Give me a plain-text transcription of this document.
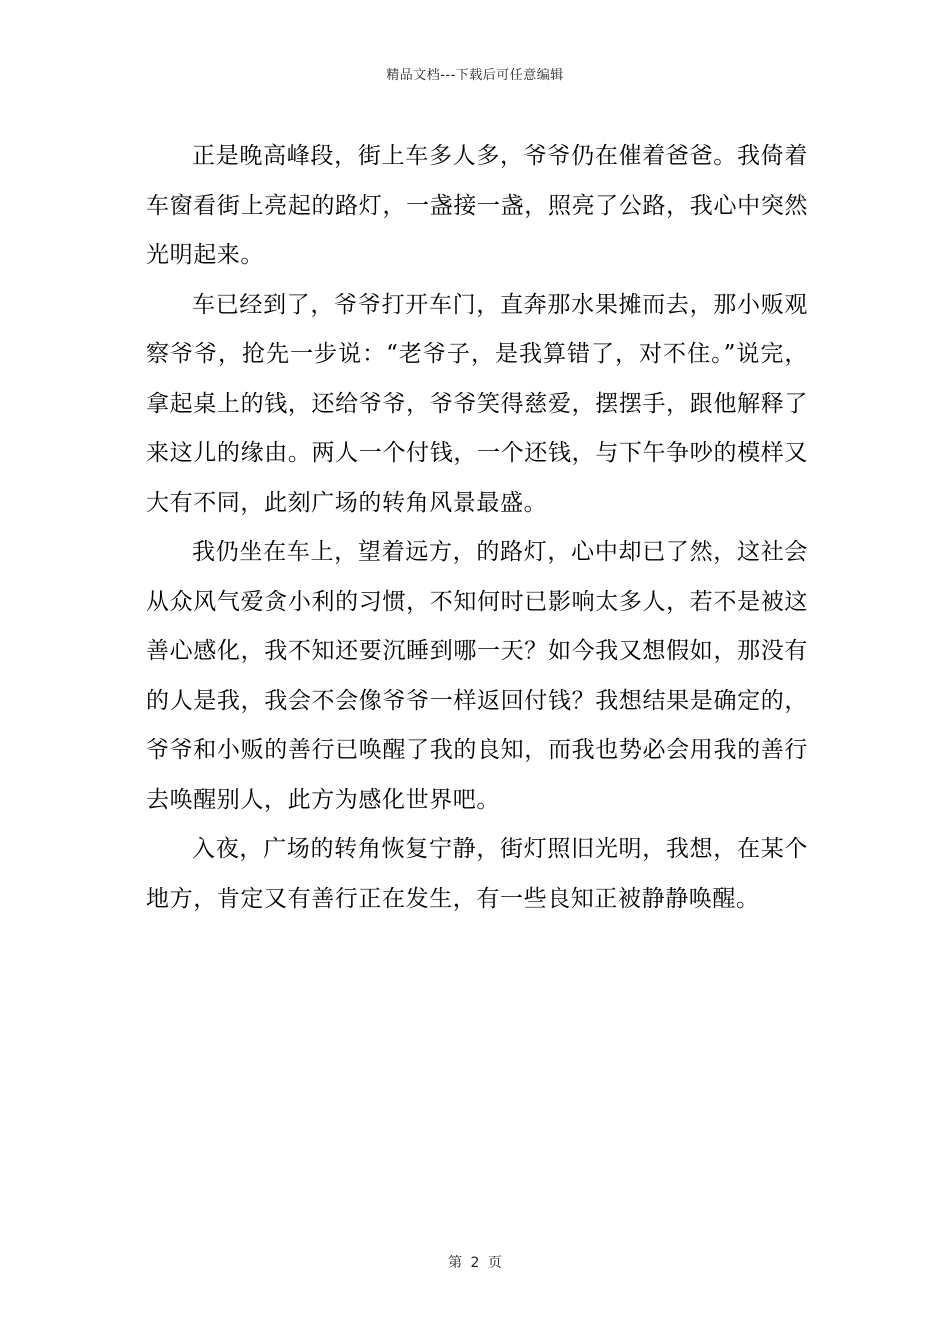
精品文档---下载后可任意编辑

正是晚高峰段，街上车多人多，爷爷仍在催着爸爸。我倚着车窗看街上亮起的路灯，一盏接一盏，照亮了公路，我心中突然光明起来。

车已经到了，爷爷打开车门，直奔那水果摊而去，那小贩观察爷爷，抢先一步说：“老爷子，是我算错了，对不住。”说完，拿起桌上的钱，还给爷爷，爷爷笑得慈爱，摆摆手，跟他解释了来这儿的缘由。两人一个付钱，一个还钱，与下午争吵的模样又大有不同，此刻广场的转角风景最盛。

我仍坐在车上，望着远方，的路灯，心中却已了然，这社会从众风气爱贪小利的习惯，不知何时已影响太多人，若不是被这善心感化，我不知还要沉睡到哪一天？如今我又想假如，那没有的人是我，我会不会像爷爷一样返回付钱？我想结果是确定的，爷爷和小贩的善行已唤醒了我的良知，而我也势必会用我的善行去唤醒别人，此方为感化世界吧。

入夜，广场的转角恢复宁静，街灯照旧光明，我想，在某个地方，肯定又有善行正在发生，有一些良知正被静静唤醒。

第 2 页
